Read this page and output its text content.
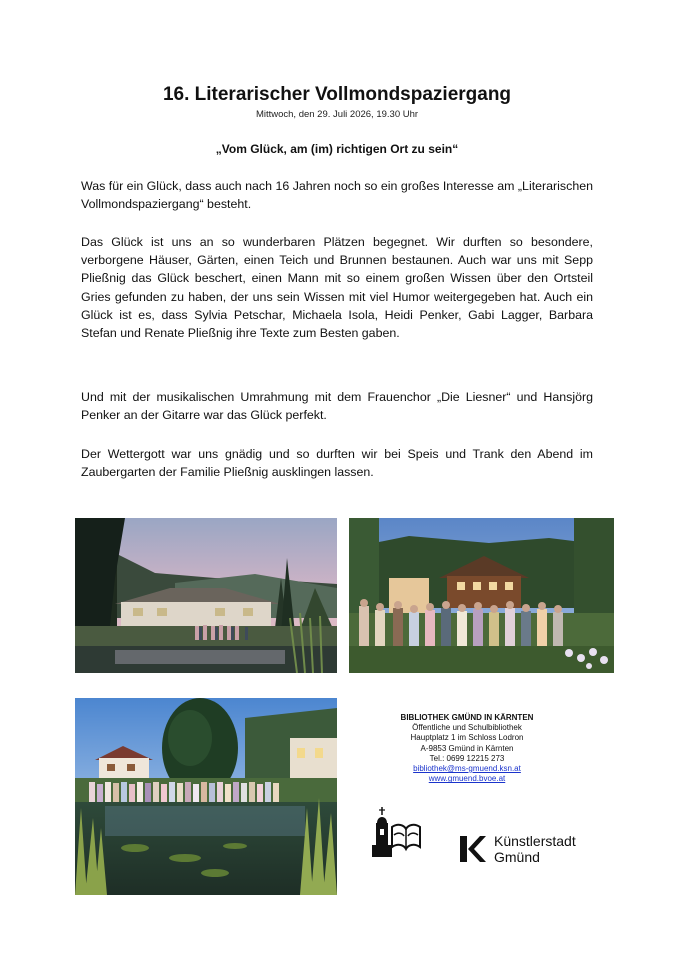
16. Literarischer Vollmondspaziergang
Mittwoch, den 29. Juli 2026, 19.30 Uhr
„Vom Glück, am (im) richtigen Ort zu sein“

Was für ein Glück, dass auch nach 16 Jahren noch so ein großes Interesse am „Literarischen Vollmondspaziergang“ besteht.

Das Glück ist uns an so wunderbaren Plätzen begegnet. Wir durften so besondere, verborgene Häuser, Gärten, einen Teich und Brunnen bestaunen. Auch war uns mit Sepp Pließnig das Glück beschert, einen Mann mit so einem großen Wissen über den Ortsteil Gries gefunden zu haben, der uns sein Wissen mit viel Humor weitergegeben hat. Auch ein Glück ist es, dass Sylvia Petschar, Michaela Isola, Heidi Penker, Gabi Lagger, Barbara Stefan und Renate Pließnig ihre Texte zum Besten gaben.

Und mit der musikalischen Umrahmung mit dem Frauenchor „Die Liesner“ und Hansjörg Penker an der Gitarre war das Glück perfekt.

Der Wettergott war uns gnädig und so durften wir bei Speis und Trank den Abend im Zaubergarten der Familie Pließnig ausklingen lassen.

BIBLIOTHEK GMÜND IN KÄRNTEN
Öffentliche und Schulbibliothek
Hauptplatz 1 im Schloss Lodron
A-9853 Gmünd in Kärnten
Tel.: 0699 12215 273
bibliothek@ms-gmuend.ksn.at
www.gmuend.bvoe.at
Künstlerstadt
Gmünd
